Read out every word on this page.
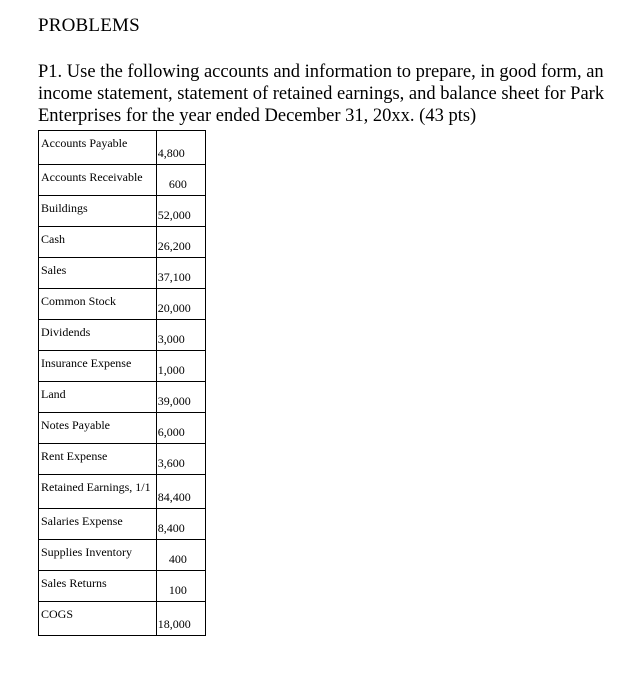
PROBLEMS
P1. Use the following accounts and information to prepare, in good form, an income statement, statement of retained earnings, and balance sheet for Park Enterprises for the year ended December 31, 20xx. (43 pts)
Accounts Payable	4,800
Accounts Receivable	600
Buildings	52,000
Cash	26,200
Sales	37,100
Common Stock	20,000
Dividends	3,000
Insurance Expense	1,000
Land	39,000
Notes Payable	6,000
Rent Expense	3,600
Retained Earnings, 1/1	84,400
Salaries Expense	8,400
Supplies Inventory	400
Sales Returns	100
COGS	18,000
